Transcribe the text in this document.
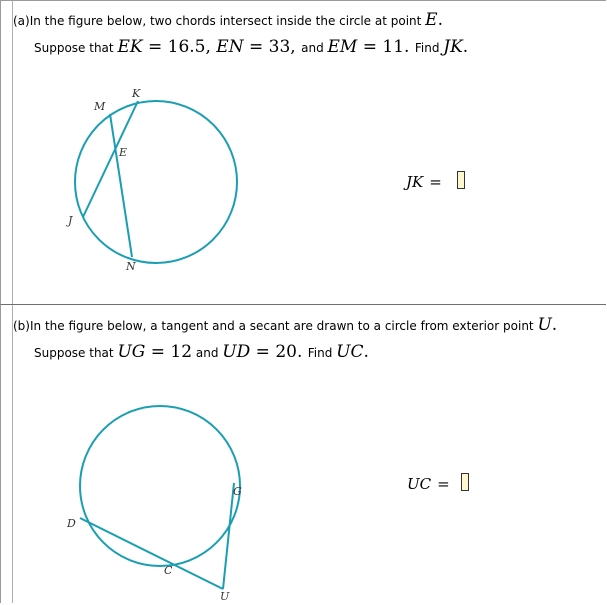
(a)In the figure below, two chords intersect inside the circle at point E.
Suppose that EK = 16.5, EN = 33, and EM = 11. Find JK.
K
M
E
J
N
JK =
(b)In the figure below, a tangent and a secant are drawn to a circle from exterior point U.
Suppose that UG = 12 and UD = 20. Find UC.
D
G
C
U
UC =
